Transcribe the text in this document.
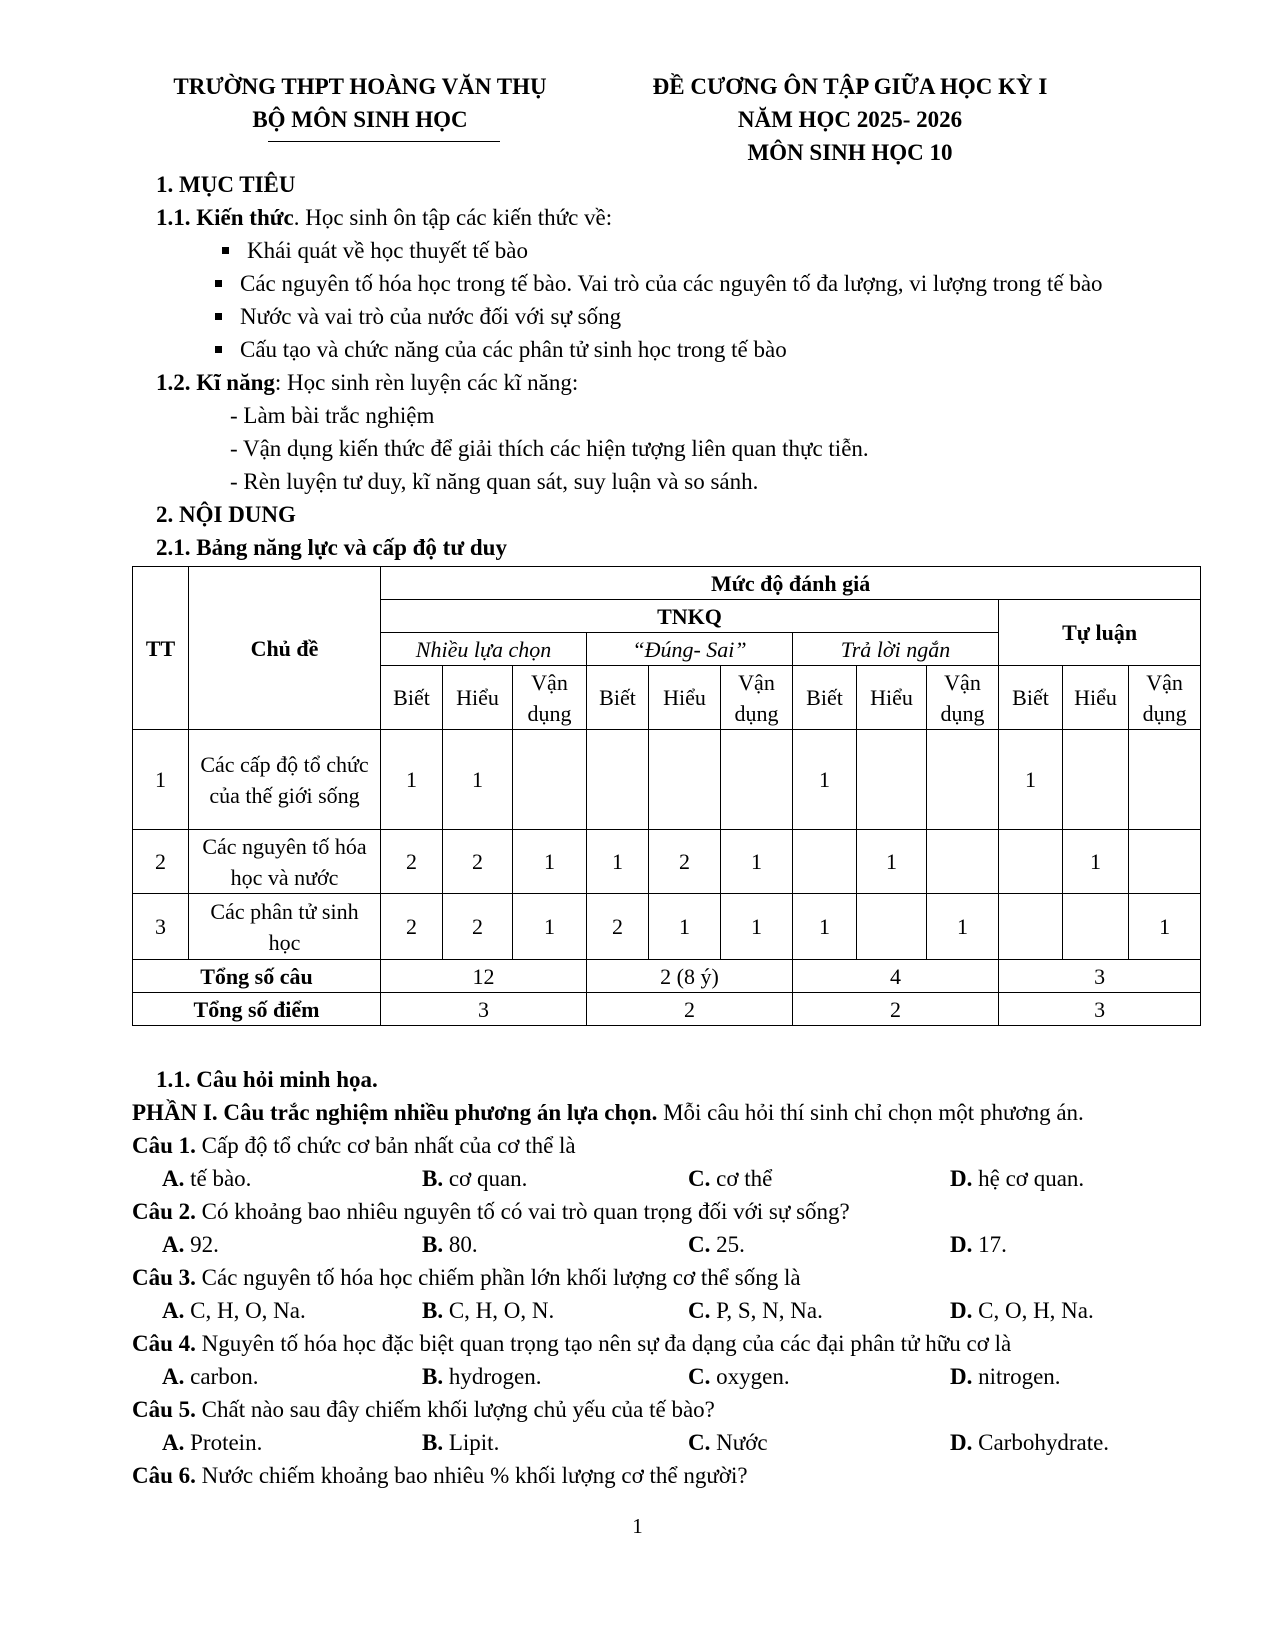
TRƯỜNG THPT HOÀNG VĂN THỤ
BỘ MÔN SINH HỌC
ĐỀ CƯƠNG ÔN TẬP GIỮA HỌC KỲ I
NĂM HỌC 2025- 2026
MÔN SINH HỌC 10
1. MỤC TIÊU
1.1. Kiến thức. Học sinh ôn tập các kiến thức về:
Khái quát về học thuyết tế bào
Các nguyên tố hóa học trong tế bào. Vai trò của các nguyên tố đa lượng, vi lượng trong tế bào
Nước và vai trò của nước đối với sự sống
Cấu tạo và chức năng của các phân tử sinh học trong tế bào
1.2. Kĩ năng: Học sinh rèn luyện các kĩ năng:
- Làm bài trắc nghiệm
- Vận dụng kiến thức để giải thích các hiện tượng liên quan thực tiễn.
- Rèn luyện tư duy, kĩ năng quan sát, suy luận và so sánh.
2. NỘI DUNG
2.1. Bảng năng lực và cấp độ tư duy
TT	Chủ đề	Mức độ đánh giá											
		TNKQ									Tự luận		
		Nhiều lựa chọn			“Đúng- Sai”			Trả lời ngắn					
		Biết	Hiểu	Vận dụng	Biết	Hiểu	Vận dụng	Biết	Hiểu	Vận dụng	Biết	Hiểu	Vận dụng
1	Các cấp độ tổ chức của thế giới sống	1	1					1			1		
2	Các nguyên tố hóa học và nước	2	2	1	1	2	1		1			1	
3	Các phân tử sinh học	2	2	1	2	1	1	1		1			1
Tổng số câu		12			2 (8 ý)			4			3		
Tổng số điểm		3			2			2			3		
1.1. Câu hỏi minh họa.
PHẦN I. Câu trắc nghiệm nhiều phương án lựa chọn. Mỗi câu hỏi thí sinh chỉ chọn một phương án.
Câu 1. Cấp độ tổ chức cơ bản nhất của cơ thể là
A. tế bào.	B. cơ quan.	C. cơ thể	D. hệ cơ quan.
Câu 2. Có khoảng bao nhiêu nguyên tố có vai trò quan trọng đối với sự sống?
A. 92.	B. 80.	C. 25.	D. 17.
Câu 3. Các nguyên tố hóa học chiếm phần lớn khối lượng cơ thể sống là
A. C, H, O, Na.	B. C, H, O, N.	C. P, S, N, Na.	D. C, O, H, Na.
Câu 4. Nguyên tố hóa học đặc biệt quan trọng tạo nên sự đa dạng của các đại phân tử hữu cơ là
A. carbon.	B. hydrogen.	C. oxygen.	D. nitrogen.
Câu 5. Chất nào sau đây chiếm khối lượng chủ yếu của tế bào?
A. Protein.	B. Lipit.	C. Nước	D. Carbohydrate.
Câu 6. Nước chiếm khoảng bao nhiêu % khối lượng cơ thể người?
1
